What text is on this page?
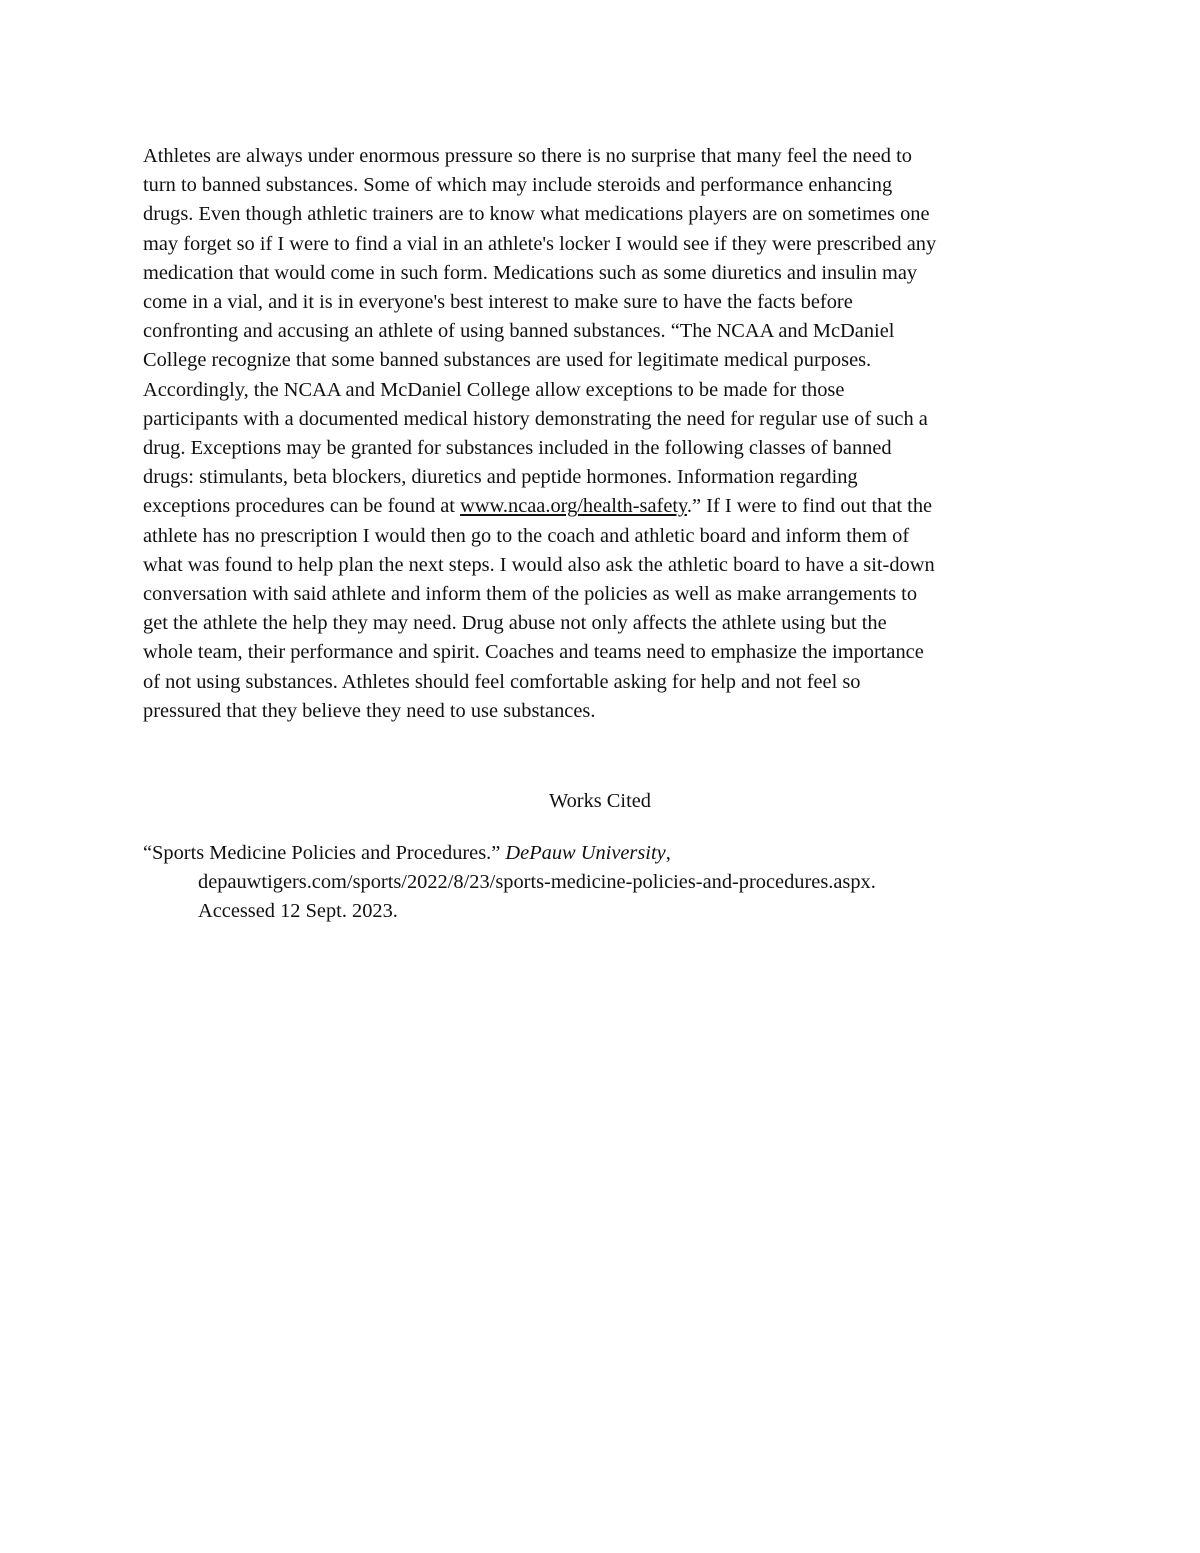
Athletes are always under enormous pressure so there is no surprise that many feel the need to
turn to banned substances. Some of which may include steroids and performance enhancing
drugs. Even though athletic trainers are to know what medications players are on sometimes one
may forget so if I were to find a vial in an athlete's locker I would see if they were prescribed any
medication that would come in such form. Medications such as some diuretics and insulin may
come in a vial, and it is in everyone's best interest to make sure to have the facts before
confronting and accusing an athlete of using banned substances. “The NCAA and McDaniel
College recognize that some banned substances are used for legitimate medical purposes.
Accordingly, the NCAA and McDaniel College allow exceptions to be made for those
participants with a documented medical history demonstrating the need for regular use of such a
drug. Exceptions may be granted for substances included in the following classes of banned
drugs: stimulants, beta blockers, diuretics and peptide hormones. Information regarding
exceptions procedures can be found at www.ncaa.org/health-safety.” If I were to find out that the
athlete has no prescription I would then go to the coach and athletic board and inform them of
what was found to help plan the next steps. I would also ask the athletic board to have a sit-down
conversation with said athlete and inform them of the policies as well as make arrangements to
get the athlete the help they may need. Drug abuse not only affects the athlete using but the
whole team, their performance and spirit. Coaches and teams need to emphasize the importance
of not using substances. Athletes should feel comfortable asking for help and not feel so
pressured that they believe they need to use substances.
Works Cited
“Sports Medicine Policies and Procedures.” DePauw University,
depauwtigers.com/sports/2022/8/23/sports-medicine-policies-and-procedures.aspx.
Accessed 12 Sept. 2023.
